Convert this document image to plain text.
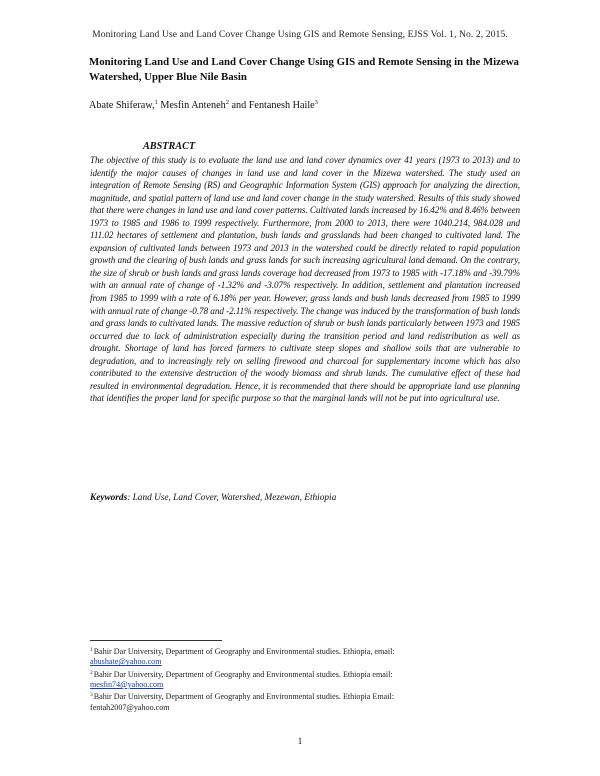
Monitoring Land Use and Land Cover Change Using GIS and Remote Sensing, EJSS Vol. 1, No. 2, 2015.
Monitoring Land Use and Land Cover Change Using GIS and Remote Sensing in the Mizewa Watershed, Upper Blue Nile Basin
Abate Shiferaw,$^1$ Mesfin Anteneh$^2$ and Fentanesh Haile$^3$
ABSTRACT

The objective of this study is to evaluate the land use and land cover dynamics over 41 years (1973 to 2013) and to identify the major causes of changes in land use and land cover in the Mizewa watershed. The study used an integration of Remote Sensing (RS) and Geographic Information System (GIS) approach for analyzing the direction, magnitude, and spatial pattern of land use and land cover change in the study watershed. Results of this study showed that there were changes in land use and land cover patterns. Cultivated lands increased by 16.42% and 8.46% between 1973 to 1985 and 1986 to 1999 respectively. Furthermore, from 2000 to 2013, there were 1040.214, 984.028 and 111.02 hectares of settlement and plantation, bush lands and grasslands had been changed to cultivated land. The expansion of cultivated lands between 1973 and 2013 in the watershed could be directly related to rapid population growth and the clearing of bush lands and grass lands for such increasing agricultural land demand. On the contrary, the size of shrub or bush lands and grass lands coverage had decreased from 1973 to 1985 with -17.18% and -39.79% with an annual rate of change of -1.32% and -3.07% respectively. In addition, settlement and plantation increased from 1985 to 1999 with a rate of 6.18% per year. However, grass lands and bush lands decreased from 1985 to 1999 with annual rate of change -0.78 and -2.11% respectively. The change was induced by the transformation of bush lands and grass lands to cultivated lands. The massive reduction of shrub or bush lands particularly between 1973 and 1985 occurred due to lack of administration especially during the transition period and land redistribution as well as drought. Shortage of land has forced farmers to cultivate steep slopes and shallow soils that are vulnerable to degradation, and to increasingly rely on selling firewood and charcoal for supplementary income which has also contributed to the extensive destruction of the woody biomass and shrub lands. The cumulative effect of these had resulted in environmental degradation. Hence, it is recommended that there should be appropriate land use planning that identifies the proper land for specific purpose so that the marginal lands will not be put into agricultural use.

Keywords: Land Use, Land Cover, Watershed, Mezewan, Ethiopia

$^1$Bahir Dar University, Department of Geography and Environmental studies. Ethiopia, email:
abushate@yahoo.com

$^2$Bahir Dar University, Department of Geography and Environmental studies. Ethiopia email:
mesfin74@yahoo.com

$^3$Bahir Dar University, Department of Geography and Environmental studies. Ethiopia Email:
fentah2007@yahoo.com

1
